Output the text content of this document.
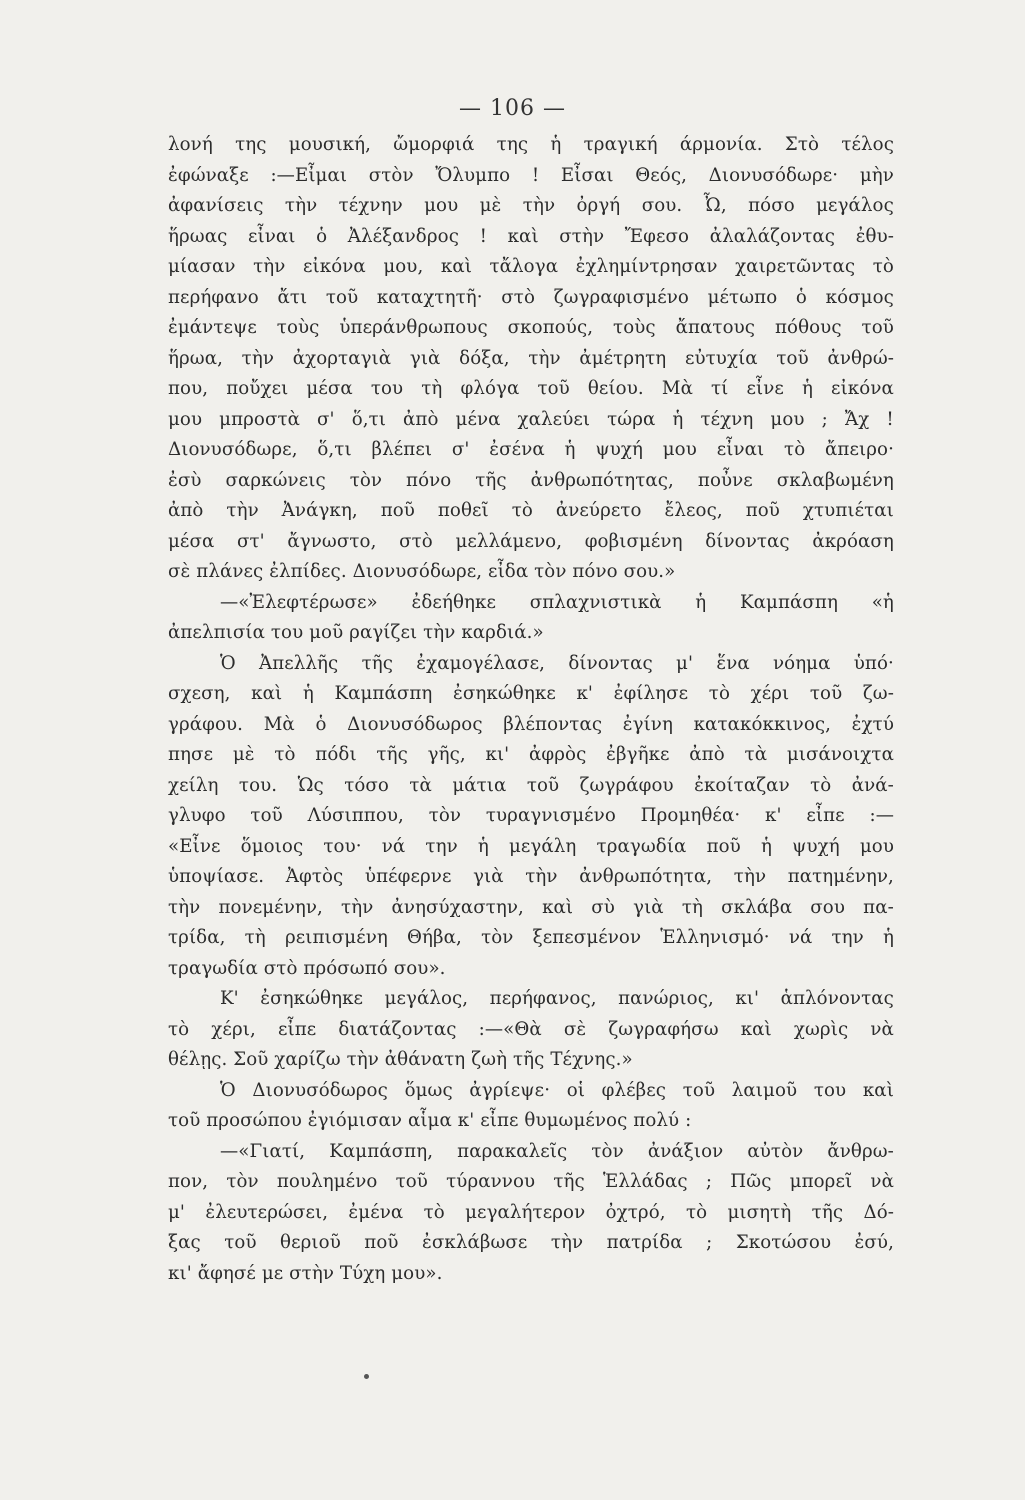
— 106 —
λονή της μουσική, ὤμορφιά της ἡ τραγική άρμονία. Στὸ τέλος
ἐφώναξε :—Εἶμαι στὸν Ὄλυμπο ! Εἶσαι Θεός, Διονυσόδωρε· μὴν
ἀφανίσεις τὴν τέχνην μου μὲ τὴν ὀργή σου. Ὦ, πόσο μεγάλος
ἥρωας εἶναι ὁ Ἀλέξανδρος ! καὶ στὴν Ἔφεσο ἀλαλάζοντας ἐθυ-
μίασαν τὴν εἰκόνα μου, καὶ τἄλογα ἐχλημίντρησαν χαιρετῶντας τὸ
περήφανο ἄτι τοῦ καταχτητῆ· στὸ ζωγραφισμένο μέτωπο ὁ κόσμος
ἐμάντεψε τοὺς ὑπεράνθρωπους σκοπούς, τοὺς ἄπατους πόθους τοῦ
ἥρωα, τὴν ἀχορταγιὰ γιὰ δόξα, τὴν ἀμέτρητη εὐτυχία τοῦ ἀνθρώ-
που, ποὔχει μέσα του τὴ φλόγα τοῦ θείου. Μὰ τί εἶνε ἡ εἰκόνα
μου μπροστὰ σ' ὅ,τι ἀπὸ μένα χαλεύει τώρα ἡ τέχνη μου ; Ἄχ !
Διονυσόδωρε, ὅ,τι βλέπει σ' ἐσένα ἡ ψυχή μου εἶναι τὸ ἄπειρο·
ἐσὺ σαρκώνεις τὸν πόνο τῆς ἀνθρωπότητας, ποὖνε σκλαβωμένη
ἀπὸ τὴν Ἀνάγκη, ποῦ ποθεῖ τὸ ἀνεύρετο ἔλεος, ποῦ χτυπιέται
μέσα στ' ἄγνωστο, στὸ μελλάμενο, φοβισμένη δίνοντας ἀκρόαση
σὲ πλάνες ἐλπίδες. Διονυσόδωρε, εἶδα τὸν πόνο σου.»
—«Ἐλεφτέρωσε» ἐδεήθηκε σπλαχνιστικὰ ἡ Καμπάσπη «ἡ
ἀπελπισία του μοῦ ραγίζει τὴν καρδιά.»
Ὁ Ἀπελλῆς τῆς ἐχαμογέλασε, δίνοντας μ' ἕνα νόημα ὑπό·
σχεση, καὶ ἡ Καμπάσπη ἐσηκώθηκε κ' ἐφίλησε τὸ χέρι τοῦ ζω-
γράφου. Μὰ ὁ Διονυσόδωρος βλέποντας ἐγίνη κατακόκκινος, ἐχτύ
πησε μὲ τὸ πόδι τῆς γῆς, κι' ἀφρὸς ἐβγῆκε ἀπὸ τὰ μισάνοιχτα
χείλη του. Ὡς τόσο τὰ μάτια τοῦ ζωγράφου ἐκοίταζαν τὸ ἀνά-
γλυφο τοῦ Λύσιππου, τὸν τυραγνισμένο Προμηθέα· κ' εἶπε :—
«Εἶνε ὅμοιος του· νά την ἡ μεγάλη τραγωδία ποῦ ἡ ψυχή μου
ὑποψίασε. Ἀφτὸς ὑπέφερνε γιὰ τὴν ἀνθρωπότητα, τὴν πατημένην,
τὴν πονεμένην, τὴν ἀνησύχαστην, καὶ σὺ γιὰ τὴ σκλάβα σου πα-
τρίδα, τὴ ρειπισμένη Θήβα, τὸν ξεπεσμένον Ἑλληνισμό· νά την ἡ
τραγωδία στὸ πρόσωπό σου».
Κ' ἐσηκώθηκε μεγάλος, περήφανος, πανώριος, κι' ἁπλόνοντας
τὸ χέρι, εἶπε διατάζοντας :—«Θὰ σὲ ζωγραφήσω καὶ χωρὶς νὰ
θέλῃς. Σοῦ χαρίζω τὴν ἀθάνατη ζωὴ τῆς Τέχνης.»
Ὁ Διονυσόδωρος ὅμως ἀγρίεψε· οἱ φλέβες τοῦ λαιμοῦ του καὶ
τοῦ προσώπου ἐγιόμισαν αἷμα κ' εἶπε θυμωμένος πολύ :
—«Γιατί, Καμπάσπη, παρακαλεῖς τὸν ἀνάξιον αὐτὸν ἄνθρω-
πον, τὸν πουλημένο τοῦ τύραννου τῆς Ἑλλάδας ; Πῶς μπορεῖ νὰ
μ' ἐλευτερώσει, ἐμένα τὸ μεγαλήτερον ὀχτρό, τὸ μισητὴ τῆς Δό-
ξας τοῦ θεριοῦ ποῦ ἐσκλάβωσε τὴν πατρίδα ; Σκοτώσου ἐσύ,
κι' ἄφησέ με στὴν Τύχη μου».
